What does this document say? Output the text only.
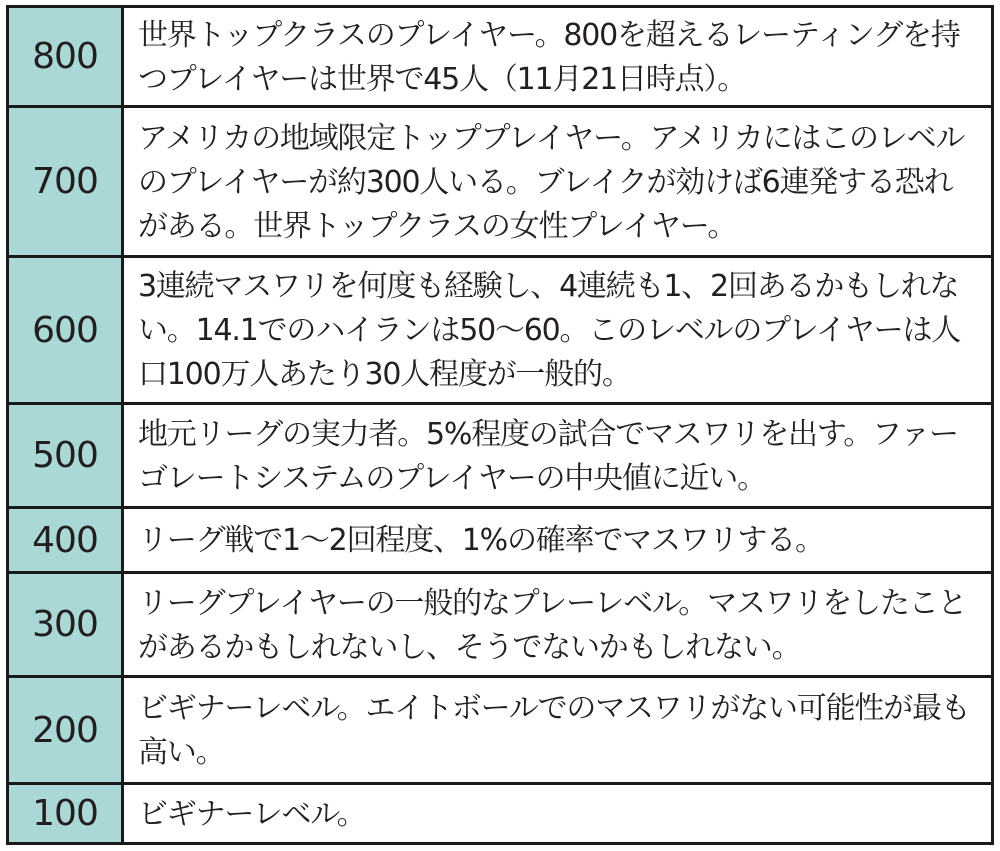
800
世界トップクラスのプレイヤー。800を超えるレーティングを持つプレイヤーは世界で45人（11月21日時点）。
700
アメリカの地域限定トッププレイヤー。アメリカにはこのレベルのプレイヤーが約300人いる。ブレイクが効けば6連発する恐れがある。世界トップクラスの女性プレイヤー。
600
3連続マスワリを何度も経験し、4連続も1、2回あるかもしれない。14.1でのハイランは50〜60。このレベルのプレイヤーは人口100万人あたり30人程度が一般的。
500
地元リーグの実力者。5%程度の試合でマスワリを出す。ファーゴレートシステムのプレイヤーの中央値に近い。
400	リーグ戦で1〜2回程度、1%の確率でマスワリする。
300
リーグプレイヤーの一般的なプレーレベル。マスワリをしたことがあるかもしれないし、そうでないかもしれない。
200
ビギナーレベル。エイトボールでのマスワリがない可能性が最も高い。
100	ビギナーレベル。
